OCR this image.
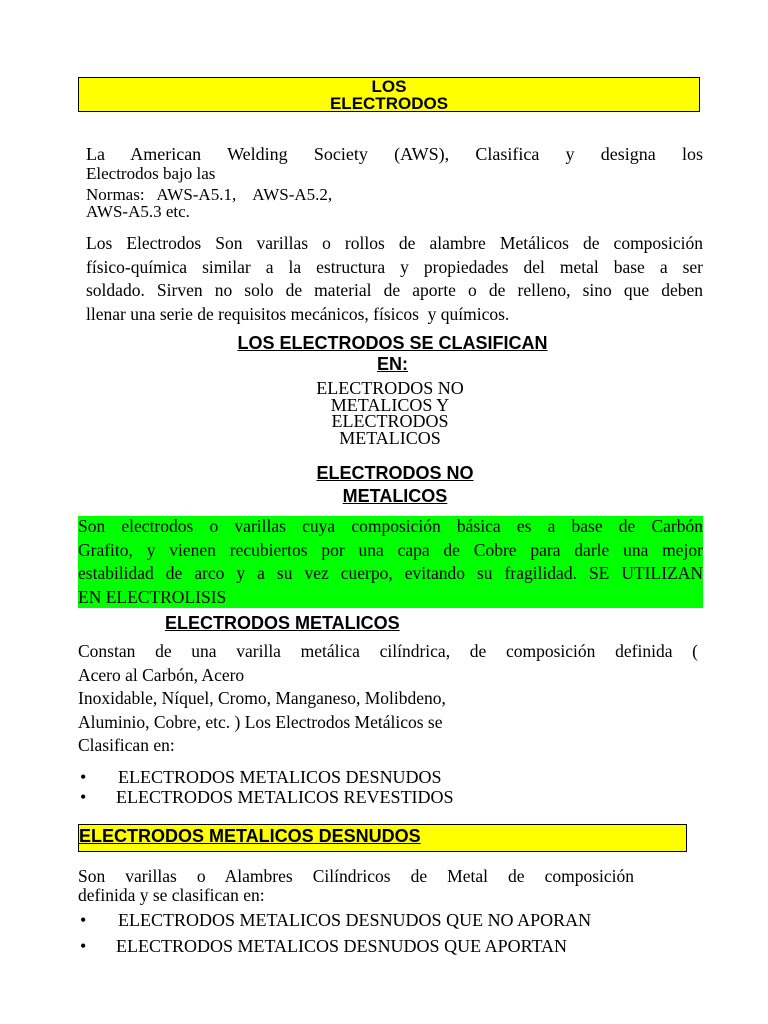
LOS
ELECTRODOS
La American Welding Society (AWS), Clasifica y designa los
Electrodos bajo las
Normas:   AWS-A5.1,    AWS-A5.2,
AWS-A5.3 etc.
Los Electrodos Son varillas o rollos de alambre Metálicos de composición
físico-química similar a la estructura y propiedades del metal base a ser
soldado. Sirven no solo de material de aporte o de relleno, sino que deben
llenar una serie de requisitos mecánicos, físicos  y químicos.
LOS ELECTRODOS SE CLASIFICAN
EN:
ELECTRODOS NO
METALICOS Y
ELECTRODOS
METALICOS
ELECTRODOS NO
METALICOS
Son electrodos o varillas cuya composición básica es a base de Carbón
Grafito, y vienen recubiertos por una capa de Cobre para darle una mejor
estabilidad de arco y a su vez cuerpo, evitando su fragilidad. SE UTILIZAN
EN ELECTROLISIS
ELECTRODOS METALICOS
Constan de una varilla metálica cilíndrica, de composición definida (
Acero al Carbón, Acero
Inoxidable, Níquel, Cromo, Manganeso, Molibdeno,
Aluminio, Cobre, etc. ) Los Electrodos Metálicos se
Clasifican en:
• ELECTRODOS METALICOS DESNUDOS
• ELECTRODOS METALICOS REVESTIDOS
ELECTRODOS METALICOS DESNUDOS
Son varillas o Alambres Cilíndricos de Metal de composición
definida y se clasifican en:
• ELECTRODOS METALICOS DESNUDOS QUE NO APORAN
• ELECTRODOS METALICOS DESNUDOS QUE APORTAN
